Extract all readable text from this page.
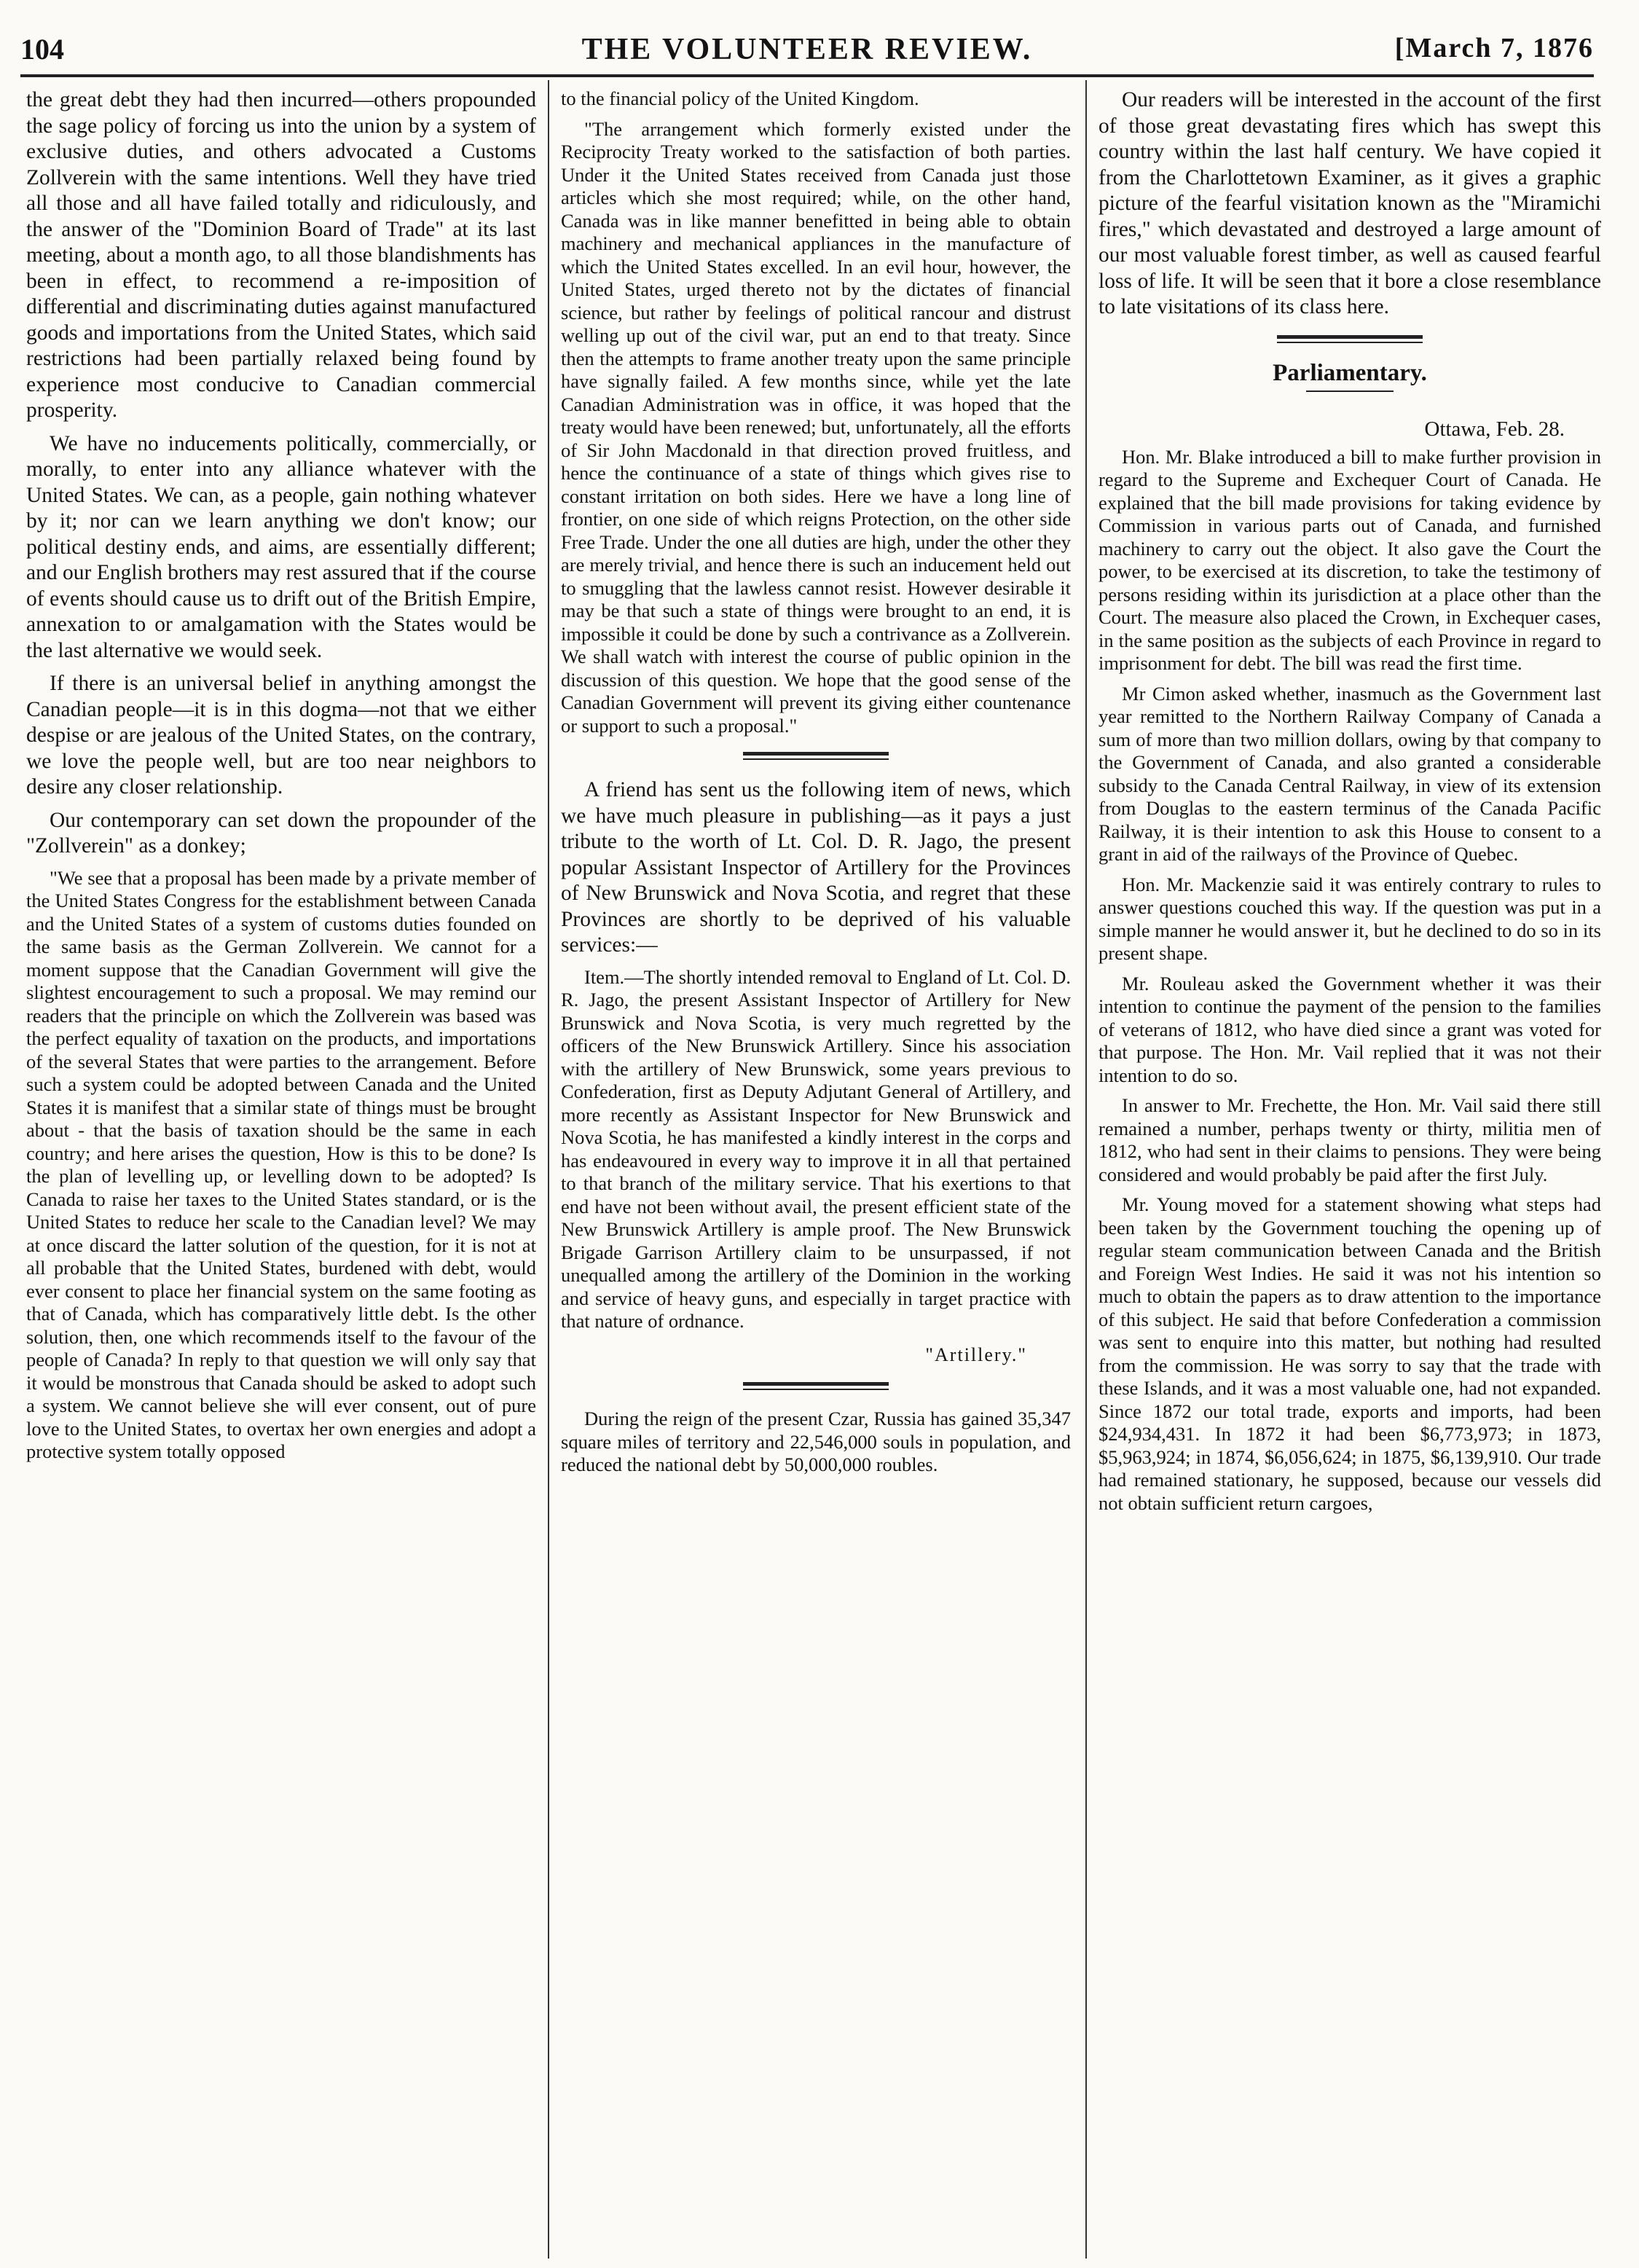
104	THE VOLUNTEER REVIEW.	[March 7, 1876

the great debt they had then incurred—others propounded the sage policy of forcing us into the union by a system of exclusive duties, and others advocated a Customs Zollverein with the same intentions. Well they have tried all those and all have failed totally and ridiculously, and the answer of the "Dominion Board of Trade" at its last meeting, about a month ago, to all those blandishments has been in effect, to recommend a re-imposition of differential and discriminating duties against manufactured goods and importations from the United States, which said restrictions had been partially relaxed being found by experience most conducive to Canadian commercial prosperity.

We have no inducements politically, commercially, or morally, to enter into any alliance whatever with the United States. We can, as a people, gain nothing whatever by it; nor can we learn anything we don't know; our political destiny ends, and aims, are essentially different; and our English brothers may rest assured that if the course of events should cause us to drift out of the British Empire, annexation to or amalgamation with the States would be the last alternative we would seek.

If there is an universal belief in anything amongst the Canadian people—it is in this dogma—not that we either despise or are jealous of the United States, on the contrary, we love the people well, but are too near neighbors to desire any closer relationship.

Our contemporary can set down the propounder of the "Zollverein" as a donkey;

"We see that a proposal has been made by a private member of the United States Congress for the establishment between Canada and the United States of a system of customs duties founded on the same basis as the German Zollverein. We cannot for a moment suppose that the Canadian Government will give the slightest encouragement to such a proposal. We may remind our readers that the principle on which the Zollverein was based was the perfect equality of taxation on the products, and importations of the several States that were parties to the arrangement. Before such a system could be adopted between Canada and the United States it is manifest that a similar state of things must be brought about - that the basis of taxation should be the same in each country; and here arises the question, How is this to be done? Is the plan of levelling up, or levelling down to be adopted? Is Canada to raise her taxes to the United States standard, or is the United States to reduce her scale to the Canadian level? We may at once discard the latter solution of the question, for it is not at all probable that the United States, burdened with debt, would ever consent to place her financial system on the same footing as that of Canada, which has comparatively little debt. Is the other solution, then, one which recommends itself to the favour of the people of Canada? In reply to that question we will only say that it would be monstrous that Canada should be asked to adopt such a system. We cannot believe she will ever consent, out of pure love to the United States, to overtax her own energies and adopt a protective system totally opposed

to the financial policy of the United Kingdom.

"The arrangement which formerly existed under the Reciprocity Treaty worked to the satisfaction of both parties. Under it the United States received from Canada just those articles which she most required; while, on the other hand, Canada was in like manner benefitted in being able to obtain machinery and mechanical appliances in the manufacture of which the United States excelled. In an evil hour, however, the United States, urged thereto not by the dictates of financial science, but rather by feelings of political rancour and distrust welling up out of the civil war, put an end to that treaty. Since then the attempts to frame another treaty upon the same principle have signally failed. A few months since, while yet the late Canadian Administration was in office, it was hoped that the treaty would have been renewed; but, unfortunately, all the efforts of Sir John Macdonald in that direction proved fruitless, and hence the continuance of a state of things which gives rise to constant irritation on both sides. Here we have a long line of frontier, on one side of which reigns Protection, on the other side Free Trade. Under the one all duties are high, under the other they are merely trivial, and hence there is such an inducement held out to smuggling that the lawless cannot resist. However desirable it may be that such a state of things were brought to an end, it is impossible it could be done by such a contrivance as a Zollverein. We shall watch with interest the course of public opinion in the discussion of this question. We hope that the good sense of the Canadian Government will prevent its giving either countenance or support to such a proposal."

A friend has sent us the following item of news, which we have much pleasure in publishing—as it pays a just tribute to the worth of Lt. Col. D. R. Jago, the present popular Assistant Inspector of Artillery for the Provinces of New Brunswick and Nova Scotia, and regret that these Provinces are shortly to be deprived of his valuable services:—

Item.—The shortly intended removal to England of Lt. Col. D. R. Jago, the present Assistant Inspector of Artillery for New Brunswick and Nova Scotia, is very much regretted by the officers of the New Brunswick Artillery. Since his association with the artillery of New Brunswick, some years previous to Confederation, first as Deputy Adjutant General of Artillery, and more recently as Assistant Inspector for New Brunswick and Nova Scotia, he has manifested a kindly interest in the corps and has endeavoured in every way to improve it in all that pertained to that branch of the military service. That his exertions to that end have not been without avail, the present efficient state of the New Brunswick Artillery is ample proof. The New Brunswick Brigade Garrison Artillery claim to be unsurpassed, if not unequalled among the artillery of the Dominion in the working and service of heavy guns, and especially in target practice with that nature of ordnance.

"Artillery."

During the reign of the present Czar, Russia has gained 35,347 square miles of territory and 22,546,000 souls in population, and reduced the national debt by 50,000,000 roubles.

Our readers will be interested in the account of the first of those great devastating fires which has swept this country within the last half century. We have copied it from the Charlottetown Examiner, as it gives a graphic picture of the fearful visitation known as the "Miramichi fires," which devastated and destroyed a large amount of our most valuable forest timber, as well as caused fearful loss of life. It will be seen that it bore a close resemblance to late visitations of its class here.

Parliamentary.
Ottawa, Feb. 28.

Hon. Mr. Blake introduced a bill to make further provision in regard to the Supreme and Exchequer Court of Canada. He explained that the bill made provisions for taking evidence by Commission in various parts out of Canada, and furnished machinery to carry out the object. It also gave the Court the power, to be exercised at its discretion, to take the testimony of persons residing within its jurisdiction at a place other than the Court. The measure also placed the Crown, in Exchequer cases, in the same position as the subjects of each Province in regard to imprisonment for debt. The bill was read the first time.

Mr Cimon asked whether, inasmuch as the Government last year remitted to the Northern Railway Company of Canada a sum of more than two million dollars, owing by that company to the Government of Canada, and also granted a considerable subsidy to the Canada Central Railway, in view of its extension from Douglas to the eastern terminus of the Canada Pacific Railway, it is their intention to ask this House to consent to a grant in aid of the railways of the Province of Quebec.

Hon. Mr. Mackenzie said it was entirely contrary to rules to answer questions couched this way. If the question was put in a simple manner he would answer it, but he declined to do so in its present shape.

Mr. Rouleau asked the Government whether it was their intention to continue the payment of the pension to the families of veterans of 1812, who have died since a grant was voted for that purpose. The Hon. Mr. Vail replied that it was not their intention to do so.

In answer to Mr. Frechette, the Hon. Mr. Vail said there still remained a number, perhaps twenty or thirty, militia men of 1812, who had sent in their claims to pensions. They were being considered and would probably be paid after the first July.

Mr. Young moved for a statement showing what steps had been taken by the Government touching the opening up of regular steam communication between Canada and the British and Foreign West Indies. He said it was not his intention so much to obtain the papers as to draw attention to the importance of this subject. He said that before Confederation a commission was sent to enquire into this matter, but nothing had resulted from the commission. He was sorry to say that the trade with these Islands, and it was a most valuable one, had not expanded. Since 1872 our total trade, exports and imports, had been $24,934,431. In 1872 it had been $6,773,973; in 1873, $5,963,924; in 1874, $6,056,624; in 1875, $6,139,910. Our trade had remained stationary, he supposed, because our vessels did not obtain sufficient return cargoes,
